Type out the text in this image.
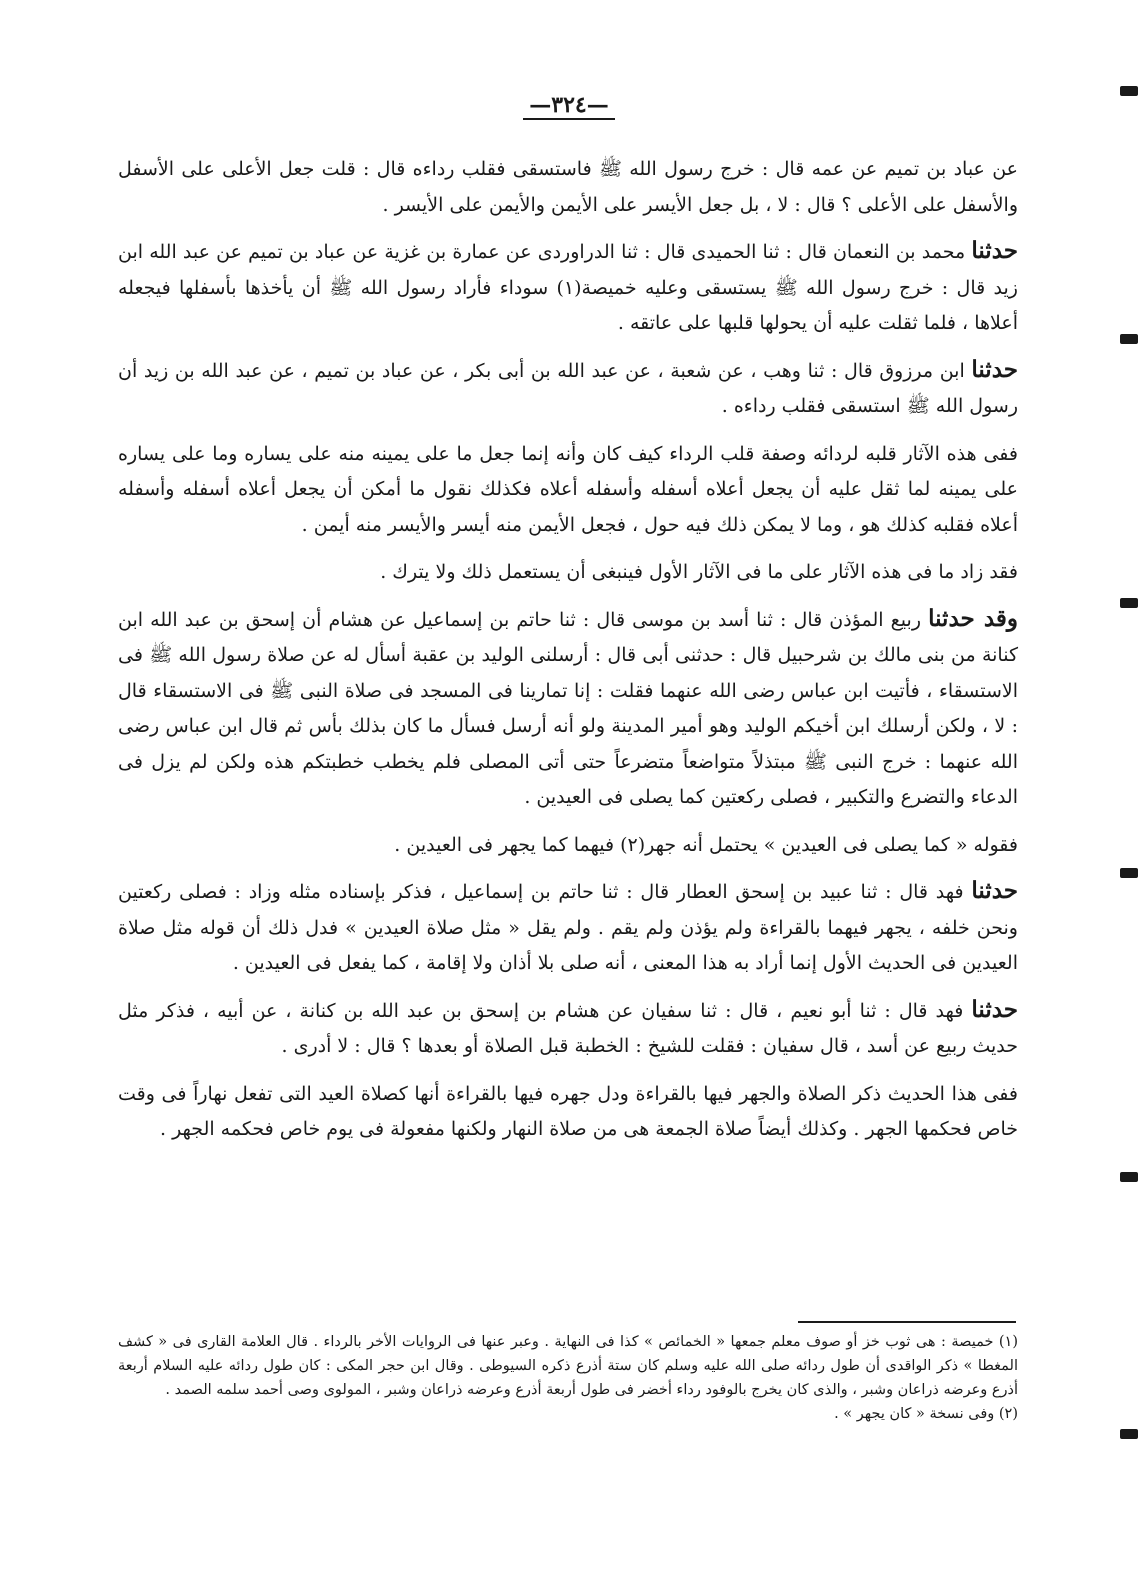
—٣٢٤—

عن عباد بن تميم عن عمه قال : خرج رسول الله ﷺ فاستسقى فقلب رداءه قال : قلت جعل الأعلى على الأسفل والأسفل على الأعلى ؟ قال : لا ، بل جعل الأيسر على الأيمن والأيمن على الأيسر .

حدثنا محمد بن النعمان قال : ثنا الحميدى قال : ثنا الدراوردى عن عمارة بن غزية عن عباد بن تميم عن عبد الله ابن زيد قال : خرج رسول الله ﷺ يستسقى وعليه خميصة(١) سوداء فأراد رسول الله ﷺ أن يأخذها بأسفلها فيجعله أعلاها ، فلما ثقلت عليه أن يحولها قلبها على عاتقه .

حدثنا ابن مرزوق قال : ثنا وهب ، عن شعبة ، عن عبد الله بن أبى بكر ، عن عباد بن تميم ، عن عبد الله بن زيد أن رسول الله ﷺ استسقى فقلب رداءه .

ففى هذه الآثار قلبه لردائه وصفة قلب الرداء كيف كان وأنه إنما جعل ما على يمينه منه على يساره وما على يساره على يمينه لما ثقل عليه أن يجعل أعلاه أسفله وأسفله أعلاه فكذلك نقول ما أمكن أن يجعل أعلاه أسفله وأسفله أعلاه فقلبه كذلك هو ، وما لا يمكن ذلك فيه حول ، فجعل الأيمن منه أيسر والأيسر منه أيمن .

فقد زاد ما فى هذه الآثار على ما فى الآثار الأول فينبغى أن يستعمل ذلك ولا يترك .

وقد حدثنا ربيع المؤذن قال : ثنا أسد بن موسى قال : ثنا حاتم بن إسماعيل عن هشام أن إسحق بن عبد الله ابن كنانة من بنى مالك بن شرحبيل قال : حدثنى أبى قال : أرسلنى الوليد بن عقبة أسأل له عن صلاة رسول الله ﷺ فى الاستسقاء ، فأتيت ابن عباس رضى الله عنهما فقلت : إنا تمارينا فى المسجد فى صلاة النبى ﷺ فى الاستسقاء قال : لا ، ولكن أرسلك ابن أخيكم الوليد وهو أمير المدينة ولو أنه أرسل فسأل ما كان بذلك بأس ثم قال ابن عباس رضى الله عنهما : خرج النبى ﷺ مبتذلاً متواضعاً متضرعاً حتى أتى المصلى فلم يخطب خطبتكم هذه ولكن لم يزل فى الدعاء والتضرع والتكبير ، فصلى ركعتين كما يصلى فى العيدين .

فقوله « كما يصلى فى العيدين » يحتمل أنه جهر(٢) فيهما كما يجهر فى العيدين .

حدثنا فهد قال : ثنا عبيد بن إسحق العطار قال : ثنا حاتم بن إسماعيل ، فذكر بإسناده مثله وزاد : فصلى ركعتين ونحن خلفه ، يجهر فيهما بالقراءة ولم يؤذن ولم يقم . ولم يقل « مثل صلاة العيدين » فدل ذلك أن قوله مثل صلاة العيدين فى الحديث الأول إنما أراد به هذا المعنى ، أنه صلى بلا أذان ولا إقامة ، كما يفعل فى العيدين .

حدثنا فهد قال : ثنا أبو نعيم ، قال : ثنا سفيان عن هشام بن إسحق بن عبد الله بن كنانة ، عن أبيه ، فذكر مثل حديث ربيع عن أسد ، قال سفيان : فقلت للشيخ : الخطبة قبل الصلاة أو بعدها ؟ قال : لا أدرى .

ففى هذا الحديث ذكر الصلاة والجهر فيها بالقراءة ودل جهره فيها بالقراءة أنها كصلاة العيد التى تفعل نهاراً فى وقت خاص فحكمها الجهر . وكذلك أيضاً صلاة الجمعة هى من صلاة النهار ولكنها مفعولة فى يوم خاص فحكمه الجهر .

(١) خميصة : هى ثوب خز أو صوف معلم جمعها « الخمائص » كذا فى النهاية . وعبر عنها فى الروايات الأخر بالرداء . قال العلامة القارى فى « كشف المغطا » ذكر الواقدى أن طول ردائه صلى الله عليه وسلم كان ستة أذرع ذكره السيوطى . وقال ابن حجر المكى : كان طول ردائه عليه السلام أربعة أذرع وعرضه ذراعان وشبر ، والذى كان يخرج بالوفود رداء أخضر فى طول أربعة أذرع وعرضه ذراعان وشبر ، المولوى وصى أحمد سلمه الصمد .

(٢) وفى نسخة « كان يجهر » .
